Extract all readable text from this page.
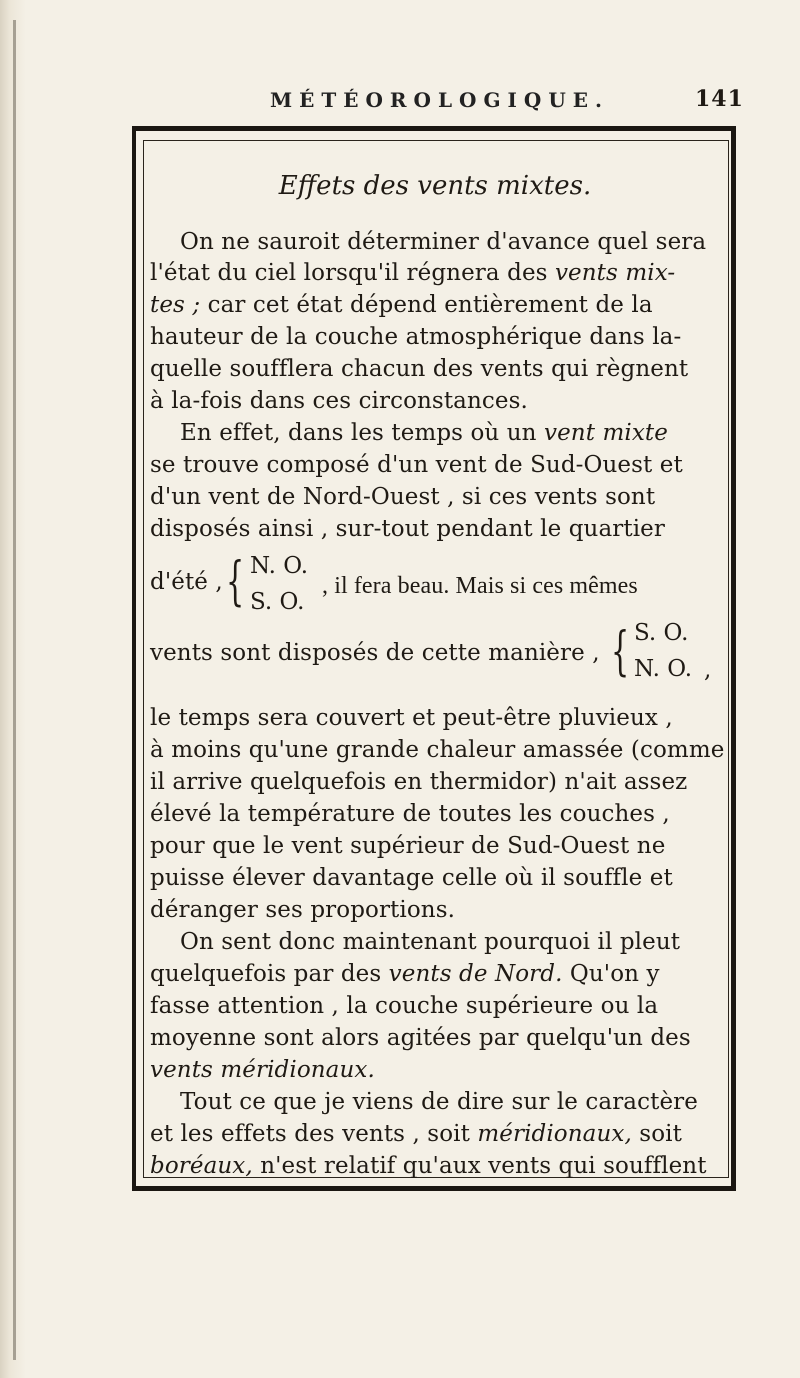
MÉTÉOROLOGIQUE.	141
Effets des vents mixtes.
On ne sauroit déterminer d'avance quel sera
l'état du ciel lorsqu'il régnera des vents mix-
tes ; car cet état dépend entièrement de la
hauteur de la couche atmosphérique dans la-
quelle soufflera chacun des vents qui règnent
à la-fois dans ces circonstances.
En effet, dans les temps où un vent mixte
se trouve composé d'un vent de Sud-Ouest et
d'un vent de Nord-Ouest , si ces vents sont
disposés ainsi , sur-tout pendant le quartier
d'été , { N. O.
S. O.
, il fera beau. Mais si ces mêmes
vents sont disposés de cette manière , { S. O.
N. O. ,
le temps sera couvert et peut-être pluvieux ,
à moins qu'une grande chaleur amassée (comme
il arrive quelquefois en thermidor) n'ait assez
élevé la température de toutes les couches ,
pour que le vent supérieur de Sud-Ouest ne
puisse élever davantage celle où il souffle et
déranger ses proportions.
On sent donc maintenant pourquoi il pleut
quelquefois par des vents de Nord. Qu'on y
fasse attention , la couche supérieure ou la
moyenne sont alors agitées par quelqu'un des
vents méridionaux.
Tout ce que je viens de dire sur le caractère
et les effets des vents , soit méridionaux, soit
boréaux, n'est relatif qu'aux vents qui soufflent
